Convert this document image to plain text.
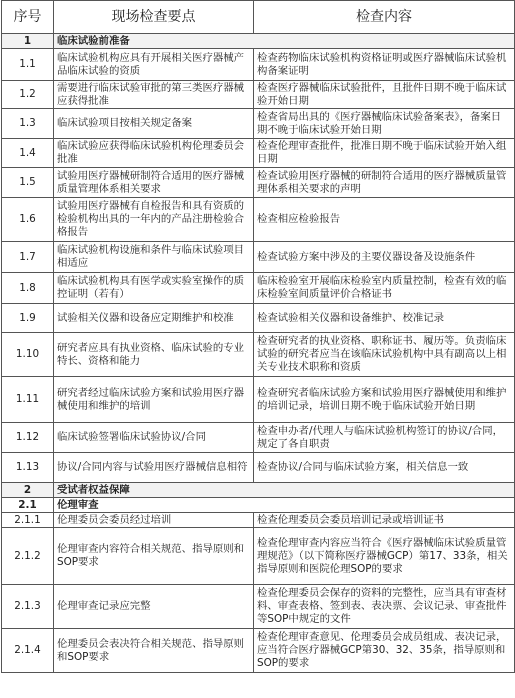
序号	现场检查要点	检查内容
1	临床试验前准备	
1.1	临床试验机构应具有开展相关医疗器械产品临床试验的资质	检查药物临床试验机构资格证明或医疗器械临床试验机构备案证明
1.2	需要进行临床试验审批的第三类医疗器械应获得批准	检查医疗器械临床试验批件，且批件日期不晚于临床试验开始日期
1.3	临床试验项目按相关规定备案	检查省局出具的《医疗器械临床试验备案表》，备案日期不晚于临床试验开始日期
1.4	临床试验应获得临床试验机构伦理委员会批准	检查伦理审查批件，批准日期不晚于临床试验开始入组日期
1.5	试验用医疗器械研制符合适用的医疗器械质量管理体系相关要求	检查试验用医疗器械的研制符合适用的医疗器械质量管理体系相关要求的声明
1.6	试验用医疗器械有自检报告和具有资质的检验机构出具的一年内的产品注册检验合格报告	检查相应检验报告
1.7	临床试验机构设施和条件与临床试验项目相适应	检查试验方案中涉及的主要仪器设备及设施条件
1.8	临床试验机构具有医学或实验室操作的质控证明（若有）	临床检验室开展临床检验室内质量控制，检查有效的临床检验室间质量评价合格证书
1.9	试验相关仪器和设备应定期维护和校准	检查试验相关仪器和设备维护、校准记录
1.10	研究者应具有执业资格、临床试验的专业特长、资格和能力	检查研究者的执业资格、职称证书、履历等。负责临床试验的研究者应当在该临床试验机构中具有副高以上相关专业技术职称和资质
1.11	研究者经过临床试验方案和试验用医疗器械使用和维护的培训	检查研究者临床试验方案和试验用医疗器械使用和维护的培训记录，培训日期不晚于临床试验开始日期
1.12	临床试验签署临床试验协议/合同	检查申办者/代理人与临床试验机构签订的协议/合同，规定了各自职责
1.13	协议/合同内容与试验用医疗器械信息相符	检查协议/合同与临床试验方案，相关信息一致
2	受试者权益保障	
2.1	伦理审查	
2.1.1	伦理委员会委员经过培训	检查伦理委员会委员培训记录或培训证书
2.1.2	伦理审查内容符合相关规范、指导原则和SOP要求	检查伦理审查内容应当符合《医疗器械临床试验质量管理规范》（以下简称医疗器械GCP）第17、33条，相关指导原则和医院伦理SOP的要求
2.1.3	伦理审查记录应完整	检查伦理委员会保存的资料的完整性，应当具有审查材料、审查表格、签到表、表决票、会议记录、审查批件等SOP中规定的文件
2.1.4	伦理委员会表决符合相关规范、指导原则和SOP要求	检查伦理审查意见、伦理委员会成员组成、表决记录，应当符合医疗器械GCP第30、32、35条，指导原则和SOP的要求
